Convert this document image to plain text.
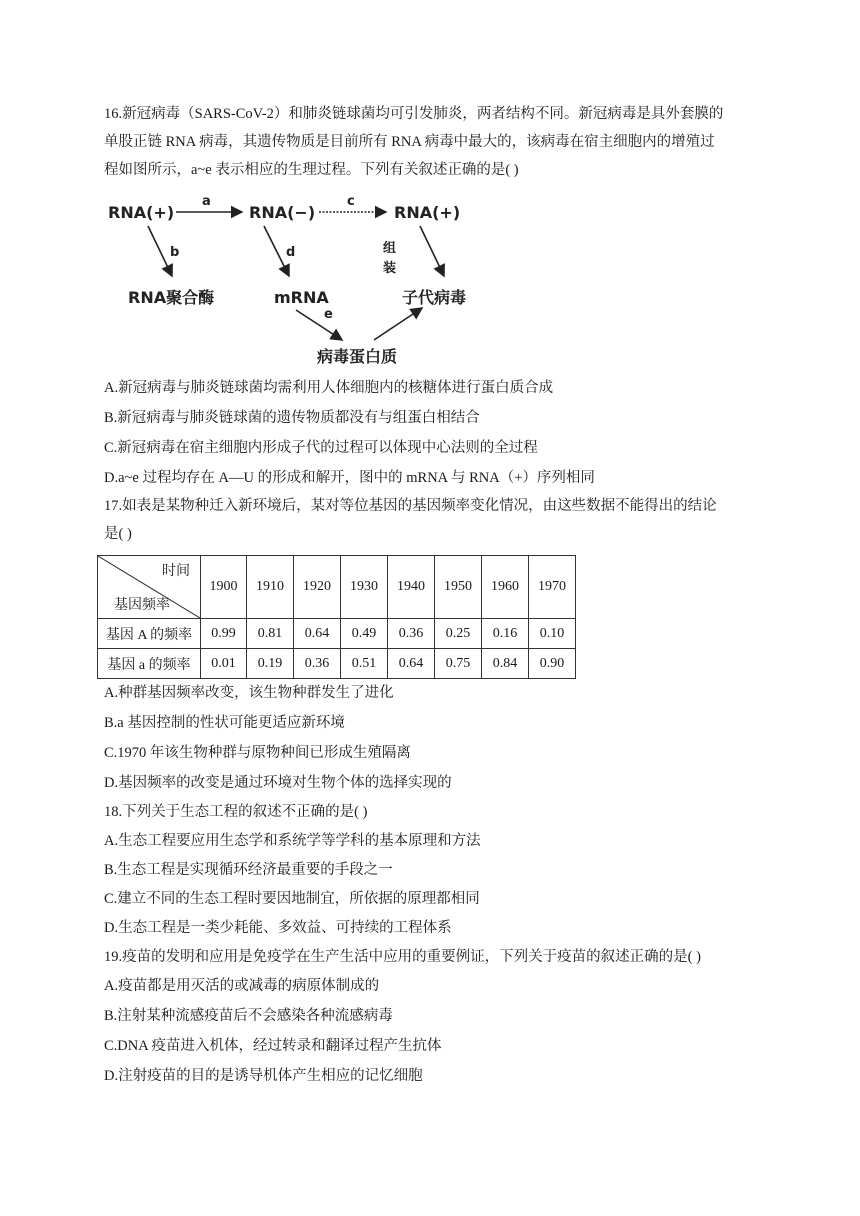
16.新冠病毒（SARS-CoV-2）和肺炎链球菌均可引发肺炎，两者结构不同。新冠病毒是具外套膜的
单股正链 RNA 病毒，其遗传物质是目前所有 RNA 病毒中最大的，该病毒在宿主细胞内的增殖过
程如图所示，a~e 表示相应的生理过程。下列有关叙述正确的是( )
RNA(+)	RNA(−)	RNA(+)
RNA聚合酶	mRNA	子代病毒
病毒蛋白质
a	c
b	d	组
装
e
A.新冠病毒与肺炎链球菌均需利用人体细胞内的核糖体进行蛋白质合成
B.新冠病毒与肺炎链球菌的遗传物质都没有与组蛋白相结合
C.新冠病毒在宿主细胞内形成子代的过程可以体现中心法则的全过程
D.a~e 过程均存在 A—U 的形成和解开，图中的 mRNA 与 RNA（+）序列相同
17.如表是某物种迁入新环境后，某对等位基因的基因频率变化情况，由这些数据不能得出的结论
是( )
时间
基因频率	1900	1910	1920	1930	1940	1950	1960	1970
基因 A 的频率	0.99	0.81	0.64	0.49	0.36	0.25	0.16	0.10
基因 a 的频率	0.01	0.19	0.36	0.51	0.64	0.75	0.84	0.90
A.种群基因频率改变，该生物种群发生了进化
B.a 基因控制的性状可能更适应新环境
C.1970 年该生物种群与原物种间已形成生殖隔离
D.基因频率的改变是通过环境对生物个体的选择实现的
18.下列关于生态工程的叙述不正确的是( )
A.生态工程要应用生态学和系统学等学科的基本原理和方法
B.生态工程是实现循环经济最重要的手段之一
C.建立不同的生态工程时要因地制宜，所依据的原理都相同
D.生态工程是一类少耗能、多效益、可持续的工程体系
19.疫苗的发明和应用是免疫学在生产生活中应用的重要例证，下列关于疫苗的叙述正确的是( )
A.疫苗都是用灭活的或减毒的病原体制成的
B.注射某种流感疫苗后不会感染各种流感病毒
C.DNA 疫苗进入机体，经过转录和翻译过程产生抗体
D.注射疫苗的目的是诱导机体产生相应的记忆细胞
